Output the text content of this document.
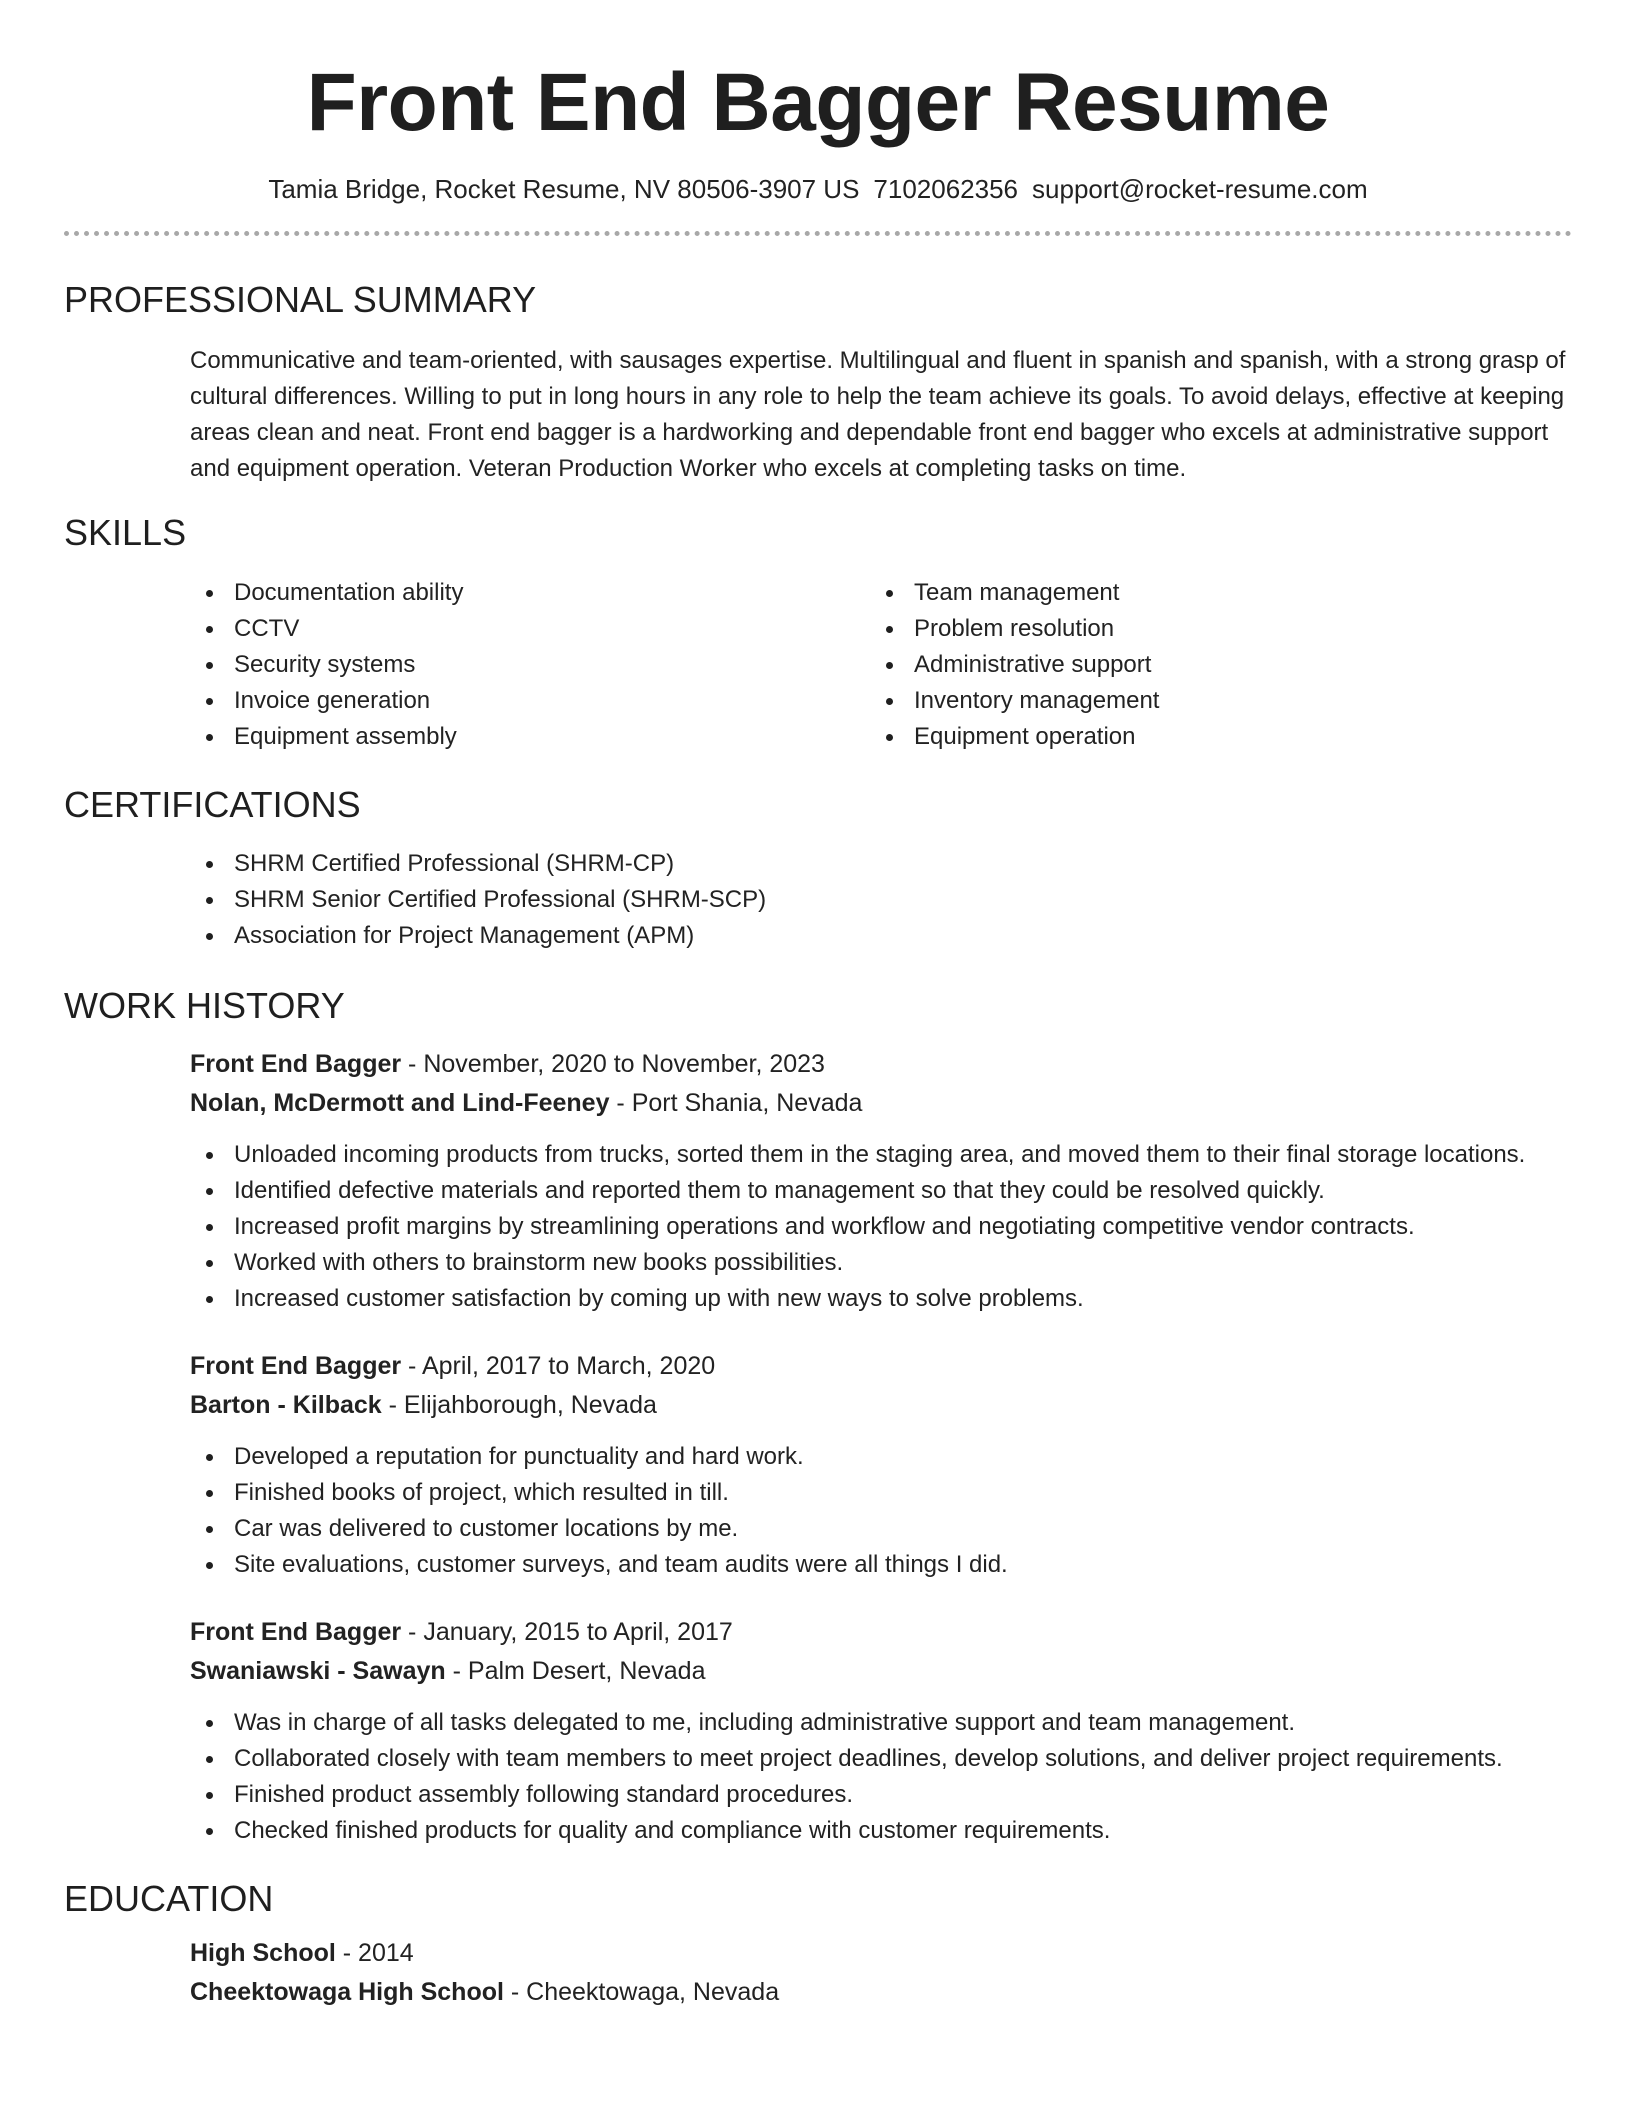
Front End Bagger Resume
Tamia Bridge, Rocket Resume, NV 80506-3907 US 7102062356 support@rocket-resume.com
PROFESSIONAL SUMMARY

Communicative and team-oriented, with sausages expertise. Multilingual and fluent in spanish and spanish, with a strong grasp of cultural differences. Willing to put in long hours in any role to help the team achieve its goals. To avoid delays, effective at keeping areas clean and neat. Front end bagger is a hardworking and dependable front end bagger who excels at administrative support and equipment operation. Veteran Production Worker who excels at completing tasks on time.

SKILLS
Documentation ability
CCTV
Security systems
Invoice generation
Equipment assembly
Team management
Problem resolution
Administrative support
Inventory management
Equipment operation
CERTIFICATIONS
SHRM Certified Professional (SHRM-CP)
SHRM Senior Certified Professional (SHRM-SCP)
Association for Project Management (APM)
WORK HISTORY
Front End Bagger - November, 2020 to November, 2023
Nolan, McDermott and Lind-Feeney - Port Shania, Nevada
Unloaded incoming products from trucks, sorted them in the staging area, and moved them to their final storage locations.
Identified defective materials and reported them to management so that they could be resolved quickly.
Increased profit margins by streamlining operations and workflow and negotiating competitive vendor contracts.
Worked with others to brainstorm new books possibilities.
Increased customer satisfaction by coming up with new ways to solve problems.
Front End Bagger - April, 2017 to March, 2020
Barton - Kilback - Elijahborough, Nevada
Developed a reputation for punctuality and hard work.
Finished books of project, which resulted in till.
Car was delivered to customer locations by me.
Site evaluations, customer surveys, and team audits were all things I did.
Front End Bagger - January, 2015 to April, 2017
Swaniawski - Sawayn - Palm Desert, Nevada
Was in charge of all tasks delegated to me, including administrative support and team management.
Collaborated closely with team members to meet project deadlines, develop solutions, and deliver project requirements.
Finished product assembly following standard procedures.
Checked finished products for quality and compliance with customer requirements.
EDUCATION
High School - 2014
Cheektowaga High School - Cheektowaga, Nevada
